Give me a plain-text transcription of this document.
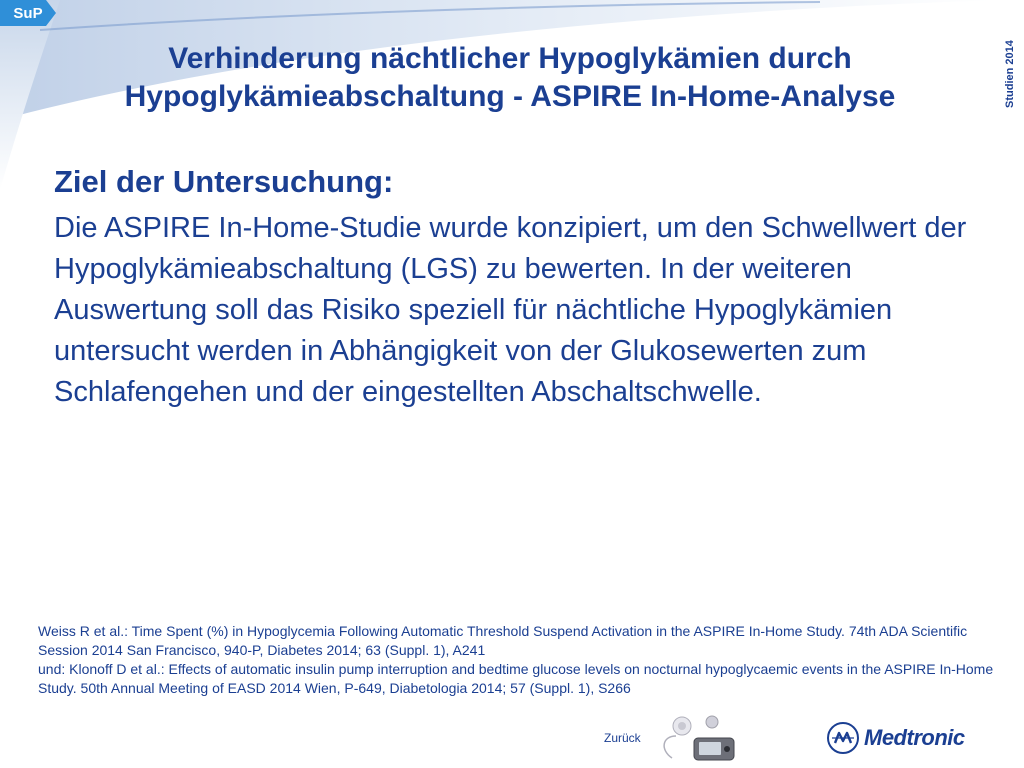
SuP
Studien 2014
Verhinderung nächtlicher Hypoglykämien durch
Hypoglykämieabschaltung - ASPIRE In-Home-Analyse

Ziel der Untersuchung:

Die ASPIRE In-Home-Studie wurde konzipiert, um den Schwellwert der Hypoglykämieabschaltung (LGS) zu bewerten. In der weiteren Auswertung soll das Risiko speziell für nächtliche Hypoglykämien untersucht werden in Abhängigkeit von der Glukosewerten zum Schlafengehen und der eingestellten Abschaltschwelle.

Weiss R et al.: Time Spent (%) in Hypoglycemia Following Automatic Threshold Suspend Activation in the ASPIRE In-Home Study. 74th ADA Scientific Session 2014 San Francisco, 940-P, Diabetes 2014; 63 (Suppl. 1), A241

und: Klonoff D et al.: Effects of automatic insulin pump interruption and bedtime glucose levels on nocturnal hypoglycaemic events in the ASPIRE In-Home Study. 50th Annual Meeting of EASD 2014 Wien, P-649, Diabetologia 2014; 57 (Suppl. 1), S266

Zurück	Medtronic
